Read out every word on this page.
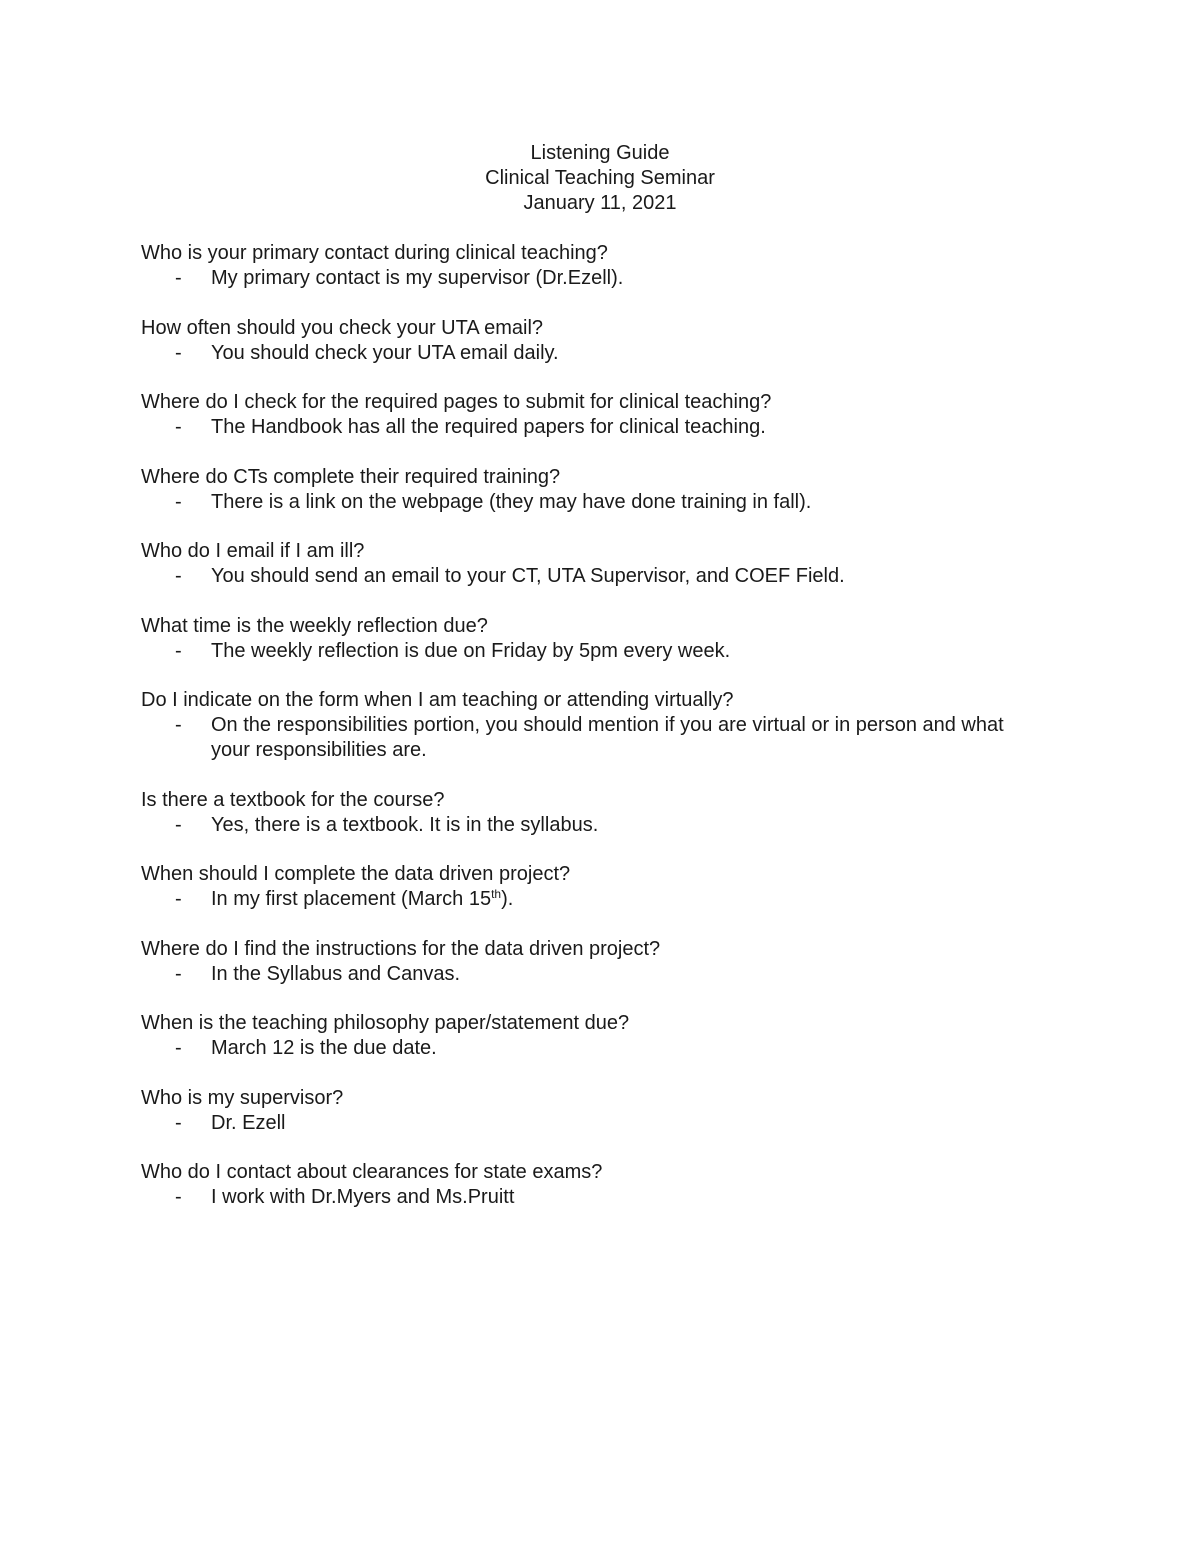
Listening Guide
Clinical Teaching Seminar
January 11, 2021
Who is your primary contact during clinical teaching?
- My primary contact is my supervisor (Dr.Ezell).
How often should you check your UTA email?
- You should check your UTA email daily.
Where do I check for the required pages to submit for clinical teaching?
- The Handbook has all the required papers for clinical teaching.
Where do CTs complete their required training?
- There is a link on the webpage (they may have done training in fall).
Who do I email if I am ill?
- You should send an email to your CT, UTA Supervisor, and COEF Field.
What time is the weekly reflection due?
- The weekly reflection is due on Friday by 5pm every week.
Do I indicate on the form when I am teaching or attending virtually?
- On the responsibilities portion, you should mention if you are virtual or in person and what your responsibilities are.
Is there a textbook for the course?
- Yes, there is a textbook. It is in the syllabus.
When should I complete the data driven project?
- In my first placement (March 15th).
Where do I find the instructions for the data driven project?
- In the Syllabus and Canvas.
When is the teaching philosophy paper/statement due?
- March 12 is the due date.
Who is my supervisor?
- Dr. Ezell
Who do I contact about clearances for state exams?
- I work with Dr.Myers and Ms.Pruitt
